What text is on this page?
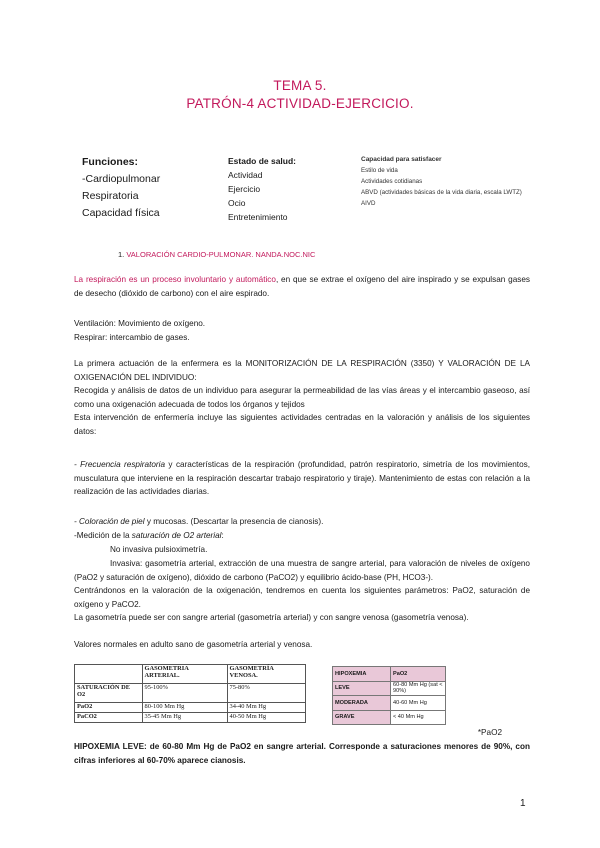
TEMA 5.
PATRÓN-4 ACTIVIDAD-EJERCICIO.
Funciones:
-Cardiopulmonar
Respiratoria
Capacidad física
Estado de salud:
Actividad
Ejercicio
Ocio
Entretenimiento
Capacidad para satisfacer
Estilo de vida
Actividades cotidianas
ABVD (actividades básicas de la vida diaria, escala LWTZ)
AIVD
1. VALORACIÓN CARDIO-PULMONAR. NANDA.NOC.NIC
La respiración es un proceso involuntario y automático, en que se extrae el oxígeno del aire inspirado y se expulsan gases de desecho (dióxido de carbono) con el aire espirado.
Ventilación: Movimiento de oxígeno.
Respirar: intercambio de gases.
La primera actuación de la enfermera es la MONITORIZACIÓN DE LA RESPIRACIÓN (3350) Y VALORACIÓN DE LA OXIGENACIÓN DEL INDIVIDUO:
Recogida y análisis de datos de un individuo para asegurar la permeabilidad de las vías áreas y el intercambio gaseoso, así como una oxigenación adecuada de todos los órganos y tejidos
Esta intervención de enfermería incluye las siguientes actividades centradas en la valoración y análisis de los siguientes datos:
- Frecuencia respiratoria y características de la respiración (profundidad, patrón respiratorio, simetría de los movimientos, musculatura que interviene en la respiración descartar trabajo respiratorio y tiraje). Mantenimiento de estas con relación a la realización de las actividades diarias.
- Coloración de piel y mucosas. (Descartar la presencia de cianosis).
-Medición de la saturación de O2 arterial:
No invasiva pulsioximetría.
Invasiva: gasometría arterial, extracción de una muestra de sangre arterial, para valoración de niveles de oxígeno (PaO2 y saturación de oxígeno), dióxido de carbono (PaCO2) y equilibrio ácido-base (PH, HCO3-).
Centrándonos en la valoración de la oxigenación, tendremos en cuenta los siguientes parámetros: PaO2, saturación de oxígeno y PaCO2.
La gasometría puede ser con sangre arterial (gasometría arterial) y con sangre venosa (gasometría venosa).
Valores normales en adulto sano de gasometría arterial y venosa.
	GASOMETRIA ARTERIAL.	GASOMETRÍA VENOSA.
SATURACIÓN DE O2	95-100%	75-80%
PaO2	80-100 Mm Hg	34-40 Mm Hg
PaCO2	35-45 Mm Hg	40-50 Mm Hg
HIPOXEMIA	PaO2
LEVE	60-80 Mm Hg (sat < 90%)
MODERADA	40-60 Mm Hg
GRAVE	< 40 Mm Hg
*PaO2
HIPOXEMIA LEVE: de 60-80 Mm Hg de PaO2 en sangre arterial. Corresponde a saturaciones menores de 90%, con cifras inferiores al 60-70% aparece cianosis.
1
